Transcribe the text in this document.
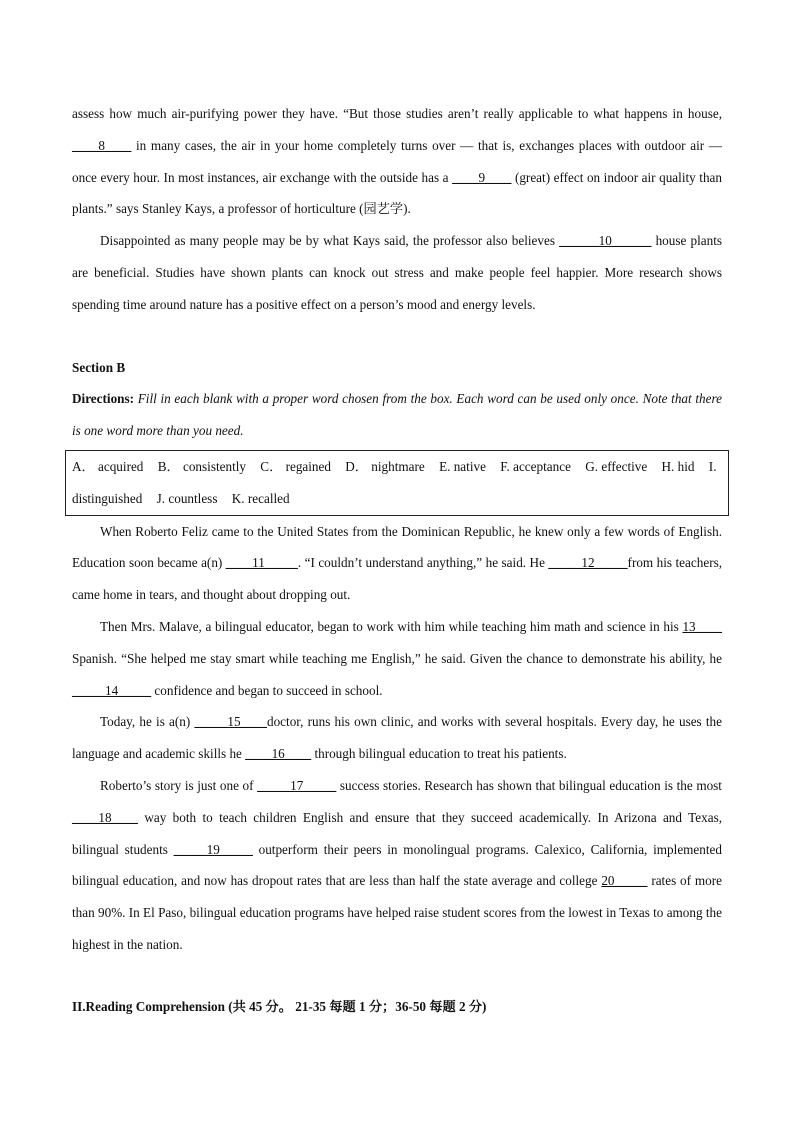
assess how much air-purifying power they have. “But those studies aren’t really applicable to what happens in house, ____8____ in many cases, the air in your home completely turns over — that is, exchanges places with outdoor air — once every hour. In most instances, air exchange with the outside has a ____9____ (great) effect on indoor air quality than plants.” says Stanley Kays, a professor of horticulture (园艺学).

Disappointed as many people may be by what Kays said, the professor also believes ______10______ house plants are beneficial. Studies have shown plants can knock out stress and make people feel happier. More research shows spending time around nature has a positive effect on a person’s mood and energy levels.

Section B

Directions: Fill in each blank with a proper word chosen from the box. Each word can be used only once. Note that there is one word more than you need.

A． acquired B． consistently C． regained D． nightmare E. native F. acceptance G. effective H. hid I. distinguished J. countless K. recalled

When Roberto Feliz came to the United States from the Dominican Republic, he knew only a few words of English. Education soon became a(n) ____11_____. “I couldn’t understand anything,” he said. He _____12_____from his teachers, came home in tears, and thought about dropping out.

Then Mrs. Malave, a bilingual educator, began to work with him while teaching him math and science in his 13____ Spanish. “She helped me stay smart while teaching me English,” he said. Given the chance to demonstrate his ability, he _____14_____ confidence and began to succeed in school.

Today, he is a(n) _____15____doctor, runs his own clinic, and works with several hospitals. Every day, he uses the language and academic skills he ____16____ through bilingual education to treat his patients.

Roberto’s story is just one of _____17_____ success stories. Research has shown that bilingual education is the most ____18____ way both to teach children English and ensure that they succeed academically. In Arizona and Texas, bilingual students _____19_____ outperform their peers in monolingual programs. Calexico, California, implemented bilingual education, and now has dropout rates that are less than half the state average and college 20_____ rates of more than 90%. In El Paso, bilingual education programs have helped raise student scores from the lowest in Texas to among the highest in the nation.

II.Reading Comprehension (共 45 分。 21-35 每题 1 分；36-50 每题 2 分)
